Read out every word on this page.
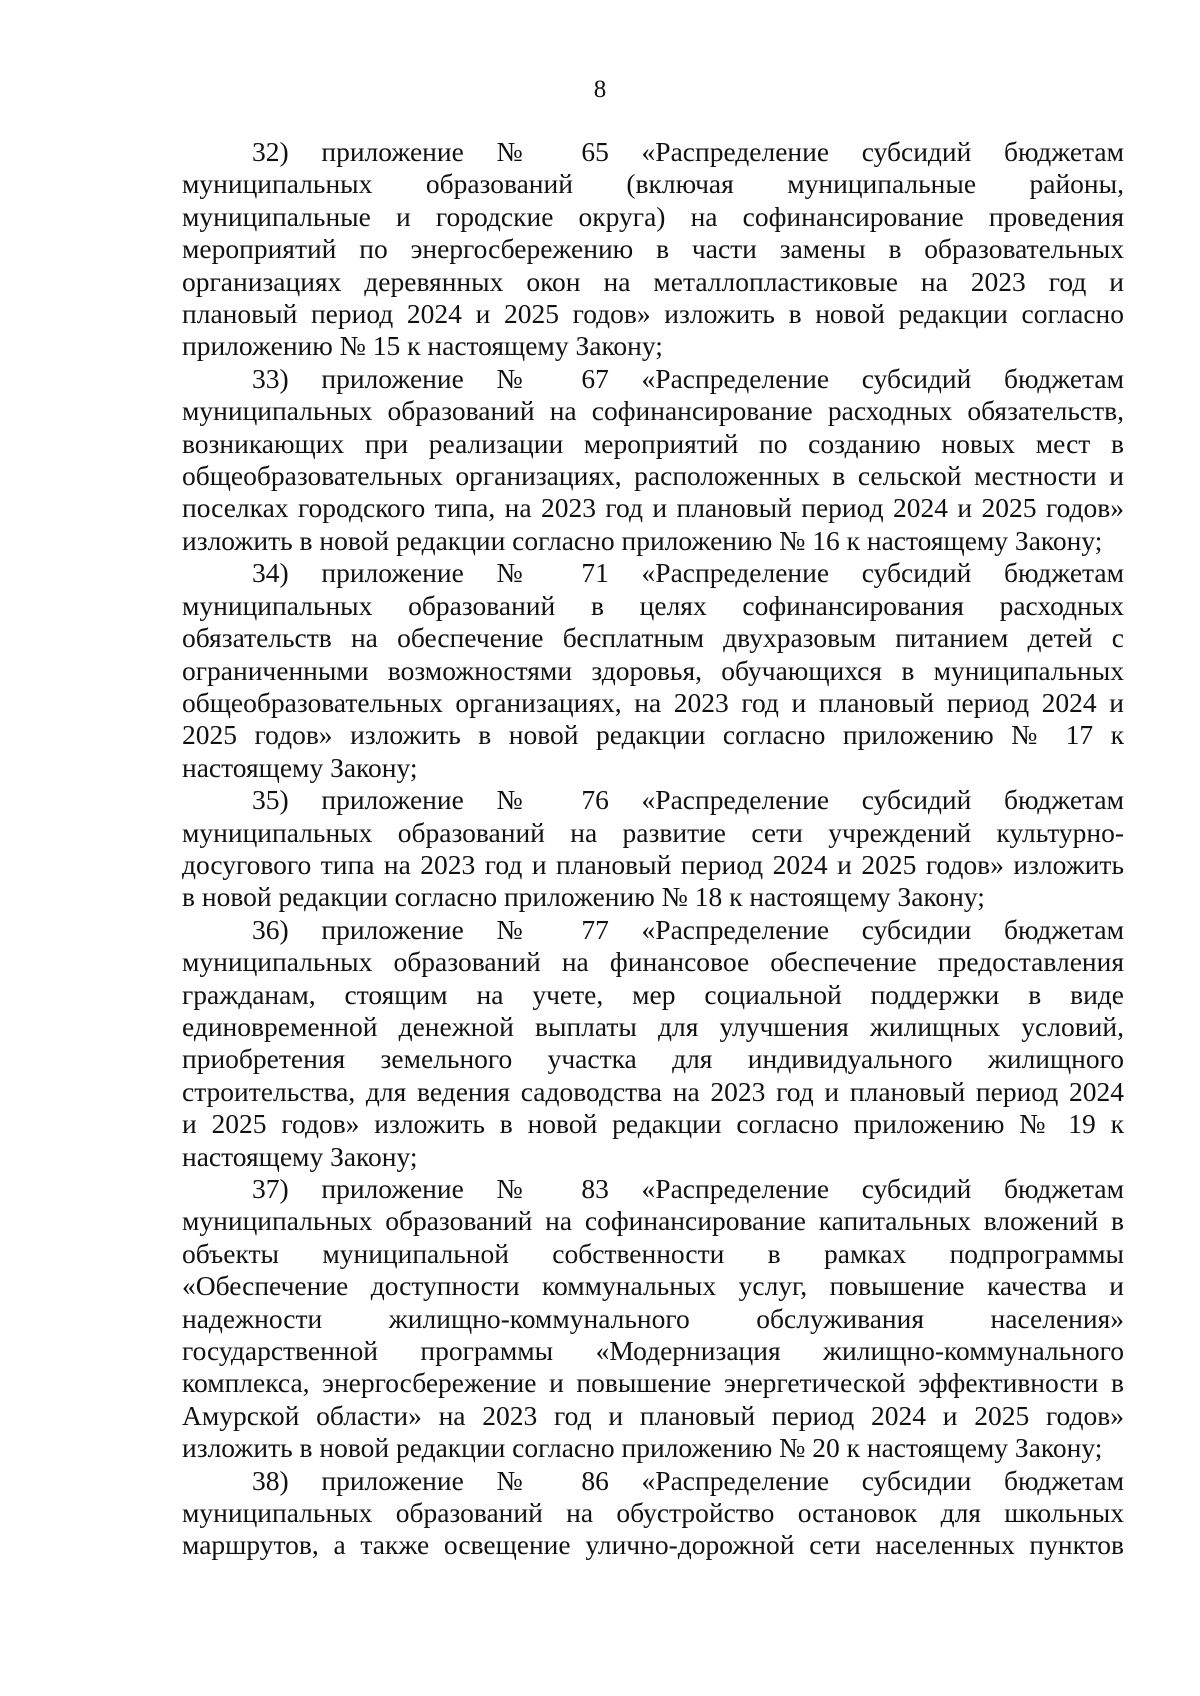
8

32) приложение № 65 «Распределение субсидий бюджетам
муниципальных образований (включая муниципальные районы,
муниципальные и городские округа) на софинансирование проведения
мероприятий по энергосбережению в части замены в образовательных
организациях деревянных окон на металлопластиковые на 2023 год и
плановый период 2024 и 2025 годов» изложить в новой редакции согласно
приложению № 15 к настоящему Закону;

33) приложение № 67 «Распределение субсидий бюджетам
муниципальных образований на софинансирование расходных обязательств,
возникающих при реализации мероприятий по созданию новых мест в
общеобразовательных организациях, расположенных в сельской местности и
поселках городского типа, на 2023 год и плановый период 2024 и 2025 годов»
изложить в новой редакции согласно приложению № 16 к настоящему Закону;

34) приложение № 71 «Распределение субсидий бюджетам
муниципальных образований в целях софинансирования расходных
обязательств на обеспечение бесплатным двухразовым питанием детей с
ограниченными возможностями здоровья, обучающихся в муниципальных
общеобразовательных организациях, на 2023 год и плановый период 2024 и
2025 годов» изложить в новой редакции согласно приложению № 17 к
настоящему Закону;

35) приложение № 76 «Распределение субсидий бюджетам
муниципальных образований на развитие сети учреждений культурно-
досугового типа на 2023 год и плановый период 2024 и 2025 годов» изложить
в новой редакции согласно приложению № 18 к настоящему Закону;

36) приложение № 77 «Распределение субсидии бюджетам
муниципальных образований на финансовое обеспечение предоставления
гражданам, стоящим на учете, мер социальной поддержки в виде
единовременной денежной выплаты для улучшения жилищных условий,
приобретения земельного участка для индивидуального жилищного
строительства, для ведения садоводства на 2023 год и плановый период 2024
и 2025 годов» изложить в новой редакции согласно приложению № 19 к
настоящему Закону;

37) приложение № 83 «Распределение субсидий бюджетам
муниципальных образований на софинансирование капитальных вложений в
объекты муниципальной собственности в рамках подпрограммы
«Обеспечение доступности коммунальных услуг, повышение качества и
надежности жилищно-коммунального обслуживания населения»
государственной программы «Модернизация жилищно-коммунального
комплекса, энергосбережение и повышение энергетической эффективности в
Амурской области» на 2023 год и плановый период 2024 и 2025 годов»
изложить в новой редакции согласно приложению № 20 к настоящему Закону;

38) приложение № 86 «Распределение субсидии бюджетам
муниципальных образований на обустройство остановок для школьных
маршрутов, а также освещение улично-дорожной сети населенных пунктов
